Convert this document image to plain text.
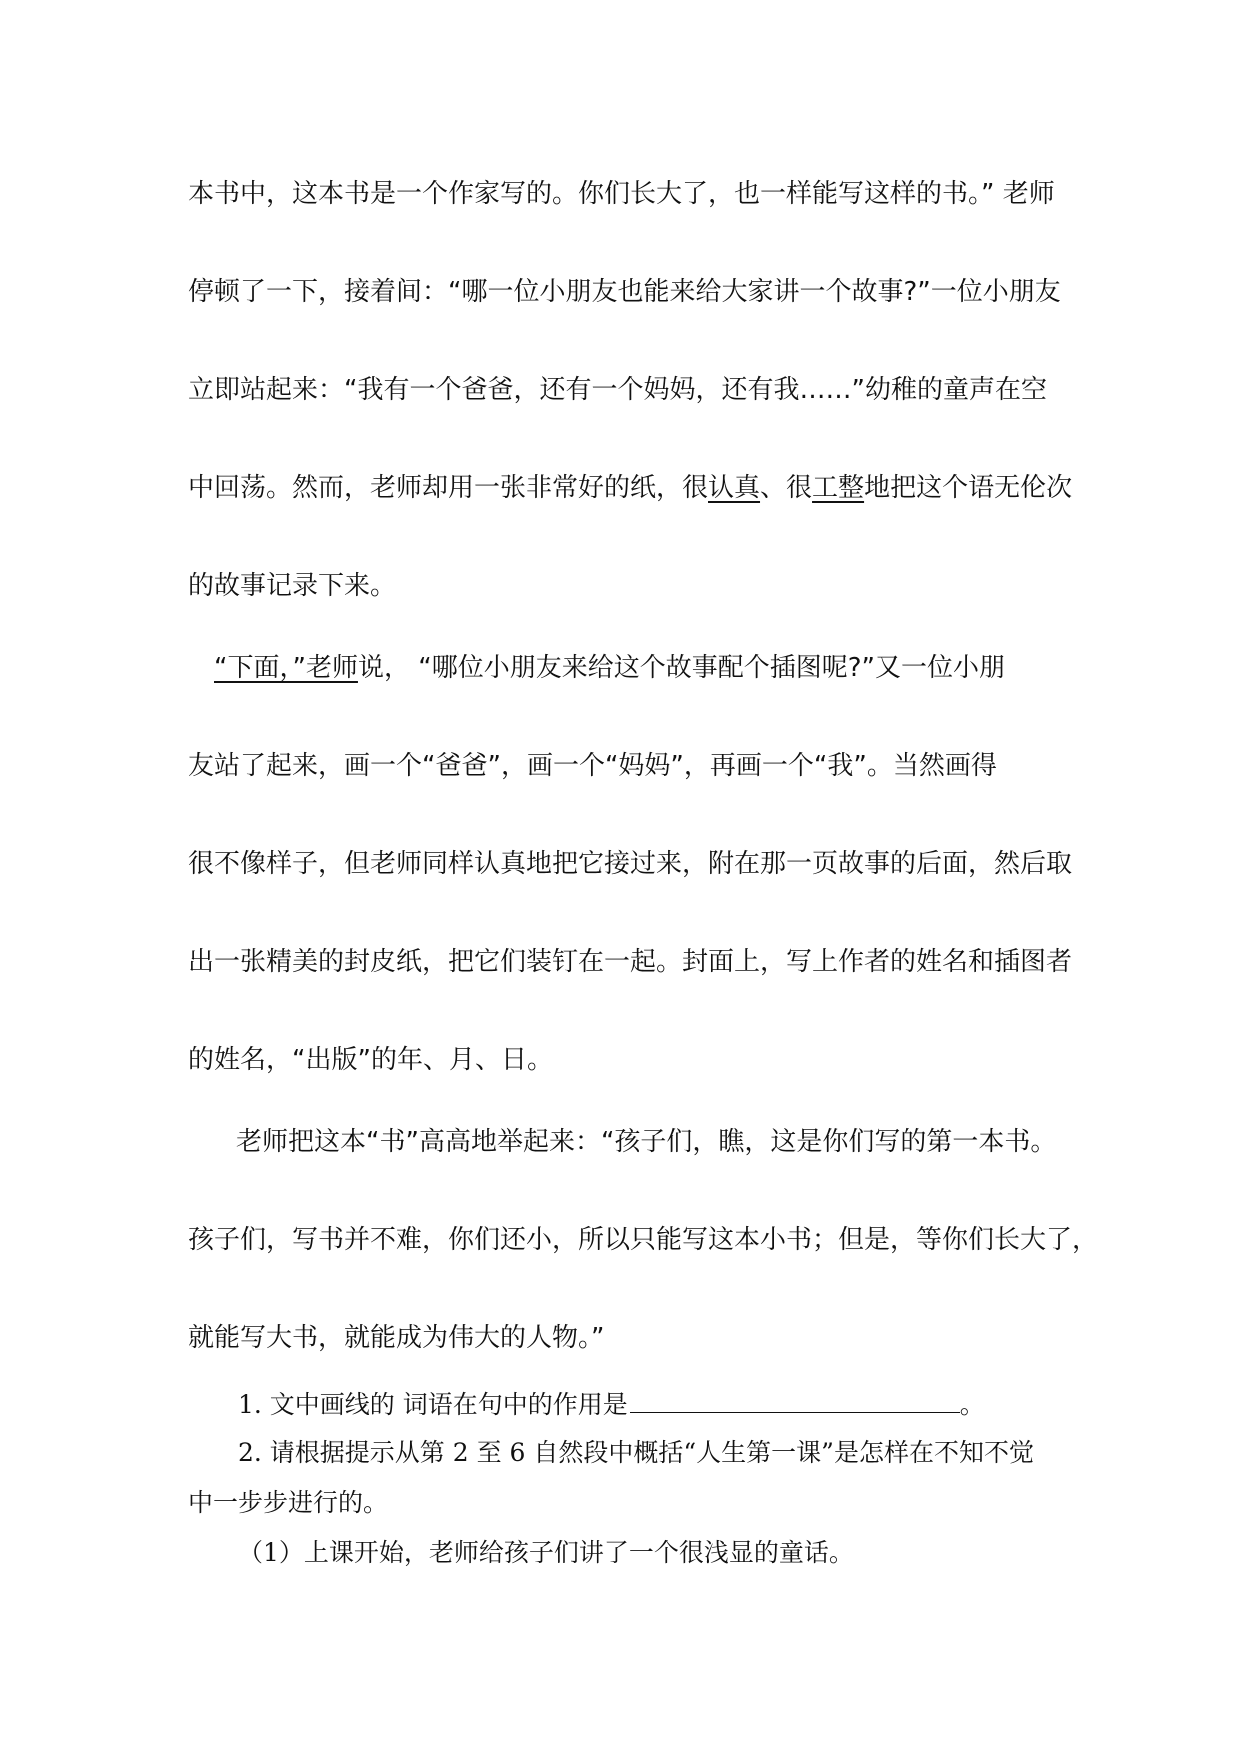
本书中，这本书是一个作家写的。你们长大了，也一样能写这样的书。” 老师

停顿了一下，接着间：“哪一位小朋友也能来给大家讲一个故事?”一位小朋友

立即站起来：“我有一个爸爸，还有一个妈妈，还有我……”幼稚的童声在空

中回荡。然而，老师却用一张非常好的纸，很认真、很工整地把这个语无伦次

的故事记录下来。

“下面，”老师说， “哪位小朋友来给这个故事配个插图呢?”又一位小朋

友站了起来，画一个“爸爸”，画一个“妈妈”，再画一个“我”。当然画得

很不像样子，但老师同样认真地把它接过来，附在那一页故事的后面，然后取

出一张精美的封皮纸，把它们装钉在一起。封面上，写上作者的姓名和插图者

的姓名，“出版”的年、月、日。

老师把这本“书”高高地举起来：“孩子们，瞧，这是你们写的第一本书。

孩子们，写书并不难，你们还小，所以只能写这本小书；但是，等你们长大了，

就能写大书，就能成为伟大的人物。”

1. 文中画线的 词语在句中的作用是	。

2. 请根据提示从第 2 至 6 自然段中概括“人生第一课”是怎样在不知不觉

中一步步进行的。

（1）上课开始，老师给孩子们讲了一个很浅显的童话。
